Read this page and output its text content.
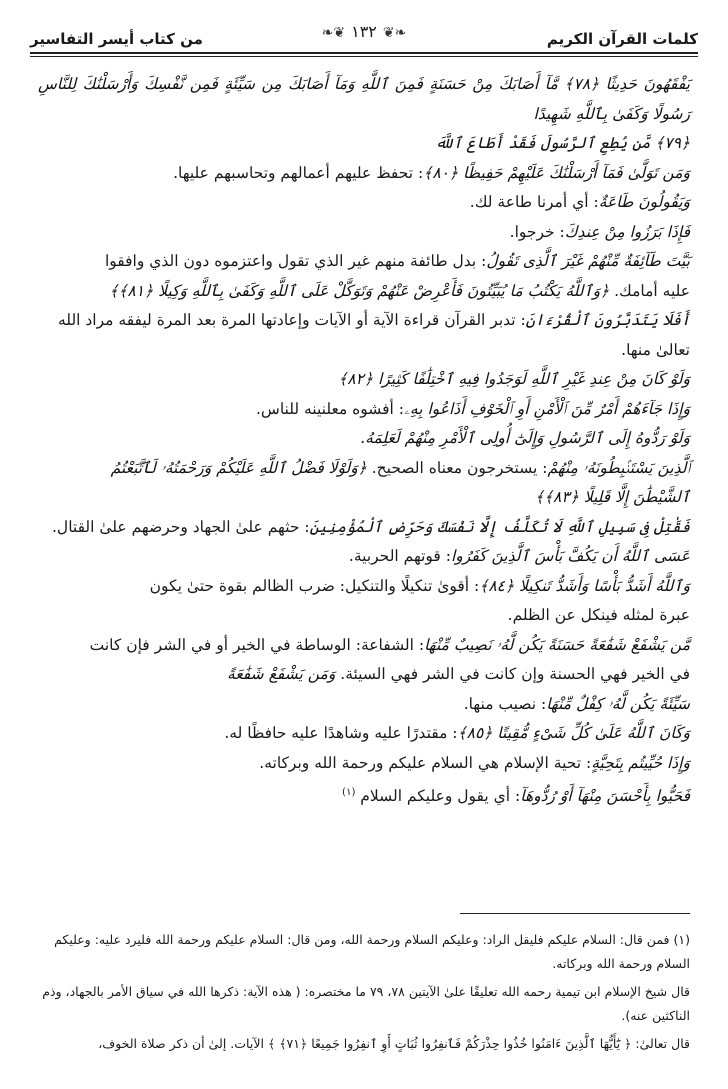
كلمات القرآن الكريم
❧❦ ١٣٢ ❦❧
من كتاب أيسر التفاسير

يَفْقَهُونَ حَدِيثًا ﴿٧٨﴾ مَّآ أَصَابَكَ مِنْ حَسَنَةٍ فَمِنَ ٱللَّهِ وَمَآ أَصَابَكَ مِن سَيِّئَةٍ فَمِن نَّفْسِكَ وَأَرْسَلْنَٰكَ لِلنَّاسِ رَسُولًا وَكَفَىٰ بِٱللَّهِ شَهِيدًا

﴿٧٩﴾ مَّن يُطِعِ ٱلرَّسُولَ فَقَدْ أَطَاعَ ٱللَّهَ

وَمَن تَوَلَّىٰ فَمَآ أَرْسَلْنَٰكَ عَلَيْهِمْ حَفِيظًا ﴿٨٠﴾: تحفظ عليهم أعمالهم وتحاسبهم عليها.

وَيَقُولُونَ طَاعَةٌ: أي أمرنا طاعة لك.

فَإِذَا بَرَزُوا مِنْ عِندِكَ: خرجوا.

بَيَّتَ طَآئِفَةٌ مِّنْهُمْ غَيْرَ ٱلَّذِى تَقُولُ: بدل طائفة منهم غير الذي تقول واعتزموه دون الذي وافقوا

عليه أمامك. ﴿وَٱللَّهُ يَكْتُبُ مَا يُبَيِّتُونَ فَأَعْرِضْ عَنْهُمْ وَتَوَكَّلْ عَلَى ٱللَّهِ وَكَفَىٰ بِٱللَّهِ وَكِيلًا ﴿٨١﴾﴾

أَفَلَا يَتَدَبَّرُونَ ٱلْقُرْءَانَ: تدبر القرآن قراءة الآية أو الآيات وإعادتها المرة بعد المرة ليفقه مراد الله

تعالىٰ منها.

وَلَوْ كَانَ مِنْ عِندِ غَيْرِ ٱللَّهِ لَوَجَدُوا فِيهِ ٱخْتِلَٰفًا كَثِيرًا ﴿٨٢﴾

وَإِذَا جَآءَهُمْ أَمْرٌ مِّنَ ٱلْأَمْنِ أَوِ ٱلْخَوْفِ أَذَاعُوا بِهِۦ: أفشوه معلنينه للناس.

وَلَوْ رَدُّوهُ إِلَى ٱلرَّسُولِ وَإِلَىٰٓ أُولِى ٱلْأَمْرِ مِنْهُمْ لَعَلِمَهُ.

ٱلَّذِينَ يَسْتَنۢبِطُونَهُۥ مِنْهُمْ: يستخرجون معناه الصحيح. ﴿وَلَوْلَا فَضْلُ ٱللَّهِ عَلَيْكُمْ وَرَحْمَتُهُۥ لَٱتَّبَعْتُمُ

ٱلشَّيْطَٰنَ إِلَّا قَلِيلًا ﴿٨٣﴾﴾

فَقَٰتِلْ فِى سَبِيلِ ٱللَّهِ لَا تُكَلَّفُ إِلَّا نَفْسَكَ وَحَرِّضِ ٱلْمُؤْمِنِينَ: حثهم علىٰ الجهاد وحرضهم علىٰ القتال.

عَسَى ٱللَّهُ أَن يَكُفَّ بَأْسَ ٱلَّذِينَ كَفَرُوا: قوتهم الحربية.

وَٱللَّهُ أَشَدُّ بَأْسًا وَأَشَدُّ تَنكِيلًا ﴿٨٤﴾: أقوىٰ تنكيلًا والتنكيل: ضرب الظالم بقوة حتىٰ يكون

عبرة لمثله فينكل عن الظلم.

مَّن يَشْفَعْ شَفَٰعَةً حَسَنَةً يَكُن لَّهُۥ نَصِيبٌ مِّنْهَا: الشفاعة: الوساطة في الخير أو في الشر فإن كانت

في الخير فهي الحسنة وإن كانت في الشر فهي السيئة. وَمَن يَشْفَعْ شَفَٰعَةً

سَيِّئَةً يَكُن لَّهُۥ كِفْلٌ مِّنْهَا: نصيب منها.

وَكَانَ ٱللَّهُ عَلَىٰ كُلِّ شَىْءٍ مُّقِيتًا ﴿٨٥﴾: مقتدرًا عليه وشاهدًا عليه حافظًا له.

وَإِذَا حُيِّيتُم بِتَحِيَّةٍ: تحية الإسلام هي السلام عليكم ورحمة الله وبركاته.

فَحَيُّوا بِأَحْسَنَ مِنْهَآ أَوْ رُدُّوهَآ: أي يقول وعليكم السلام $^{(١)}$

(١) فمن قال: السلام عليكم فليقل الراد: وعليكم السلام ورحمة الله، ومن قال: السلام عليكم ورحمة الله فليرد عليه: وعليكم السلام ورحمة الله وبركاته.

قال شيخ الإسلام ابن تيمية رحمه الله تعليقًا علىٰ الآيتين ٧٨، ٧٩ ما مختصره: ( هذه الآية: ذكرها الله في سياق الأمر بالجهاد، وذم الناكثين عنه).

قال تعالىٰ: ﴿ يَٰٓأَيُّهَا ٱلَّذِينَ ءَامَنُوا خُذُوا حِذْرَكُمْ فَٱنفِرُوا ثُبَاتٍ أَوِ ٱنفِرُوا جَمِيعًا ﴿٧١﴾ ﴾ الآيات. إلىٰ أن ذكر صلاة الخوف،
